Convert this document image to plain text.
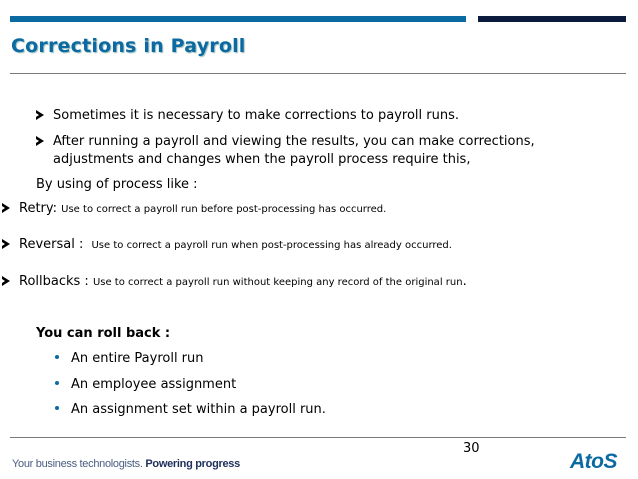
Corrections in Payroll
Sometimes it is necessary to make corrections to payroll runs.
After running a payroll and viewing the results, you can make corrections,
adjustments and changes when the payroll process require this,
By using of process like :
Retry: Use to correct a payroll run before post-processing has occurred.
Reversal : Use to correct a payroll run when post-processing has already occurred.
Rollbacks : Use to correct a payroll run without keeping any record of the original run.
You can roll back :
An entire Payroll run
An employee assignment
An assignment set within a payroll run.
30
Your business technologists. Powering progress	AtoS
